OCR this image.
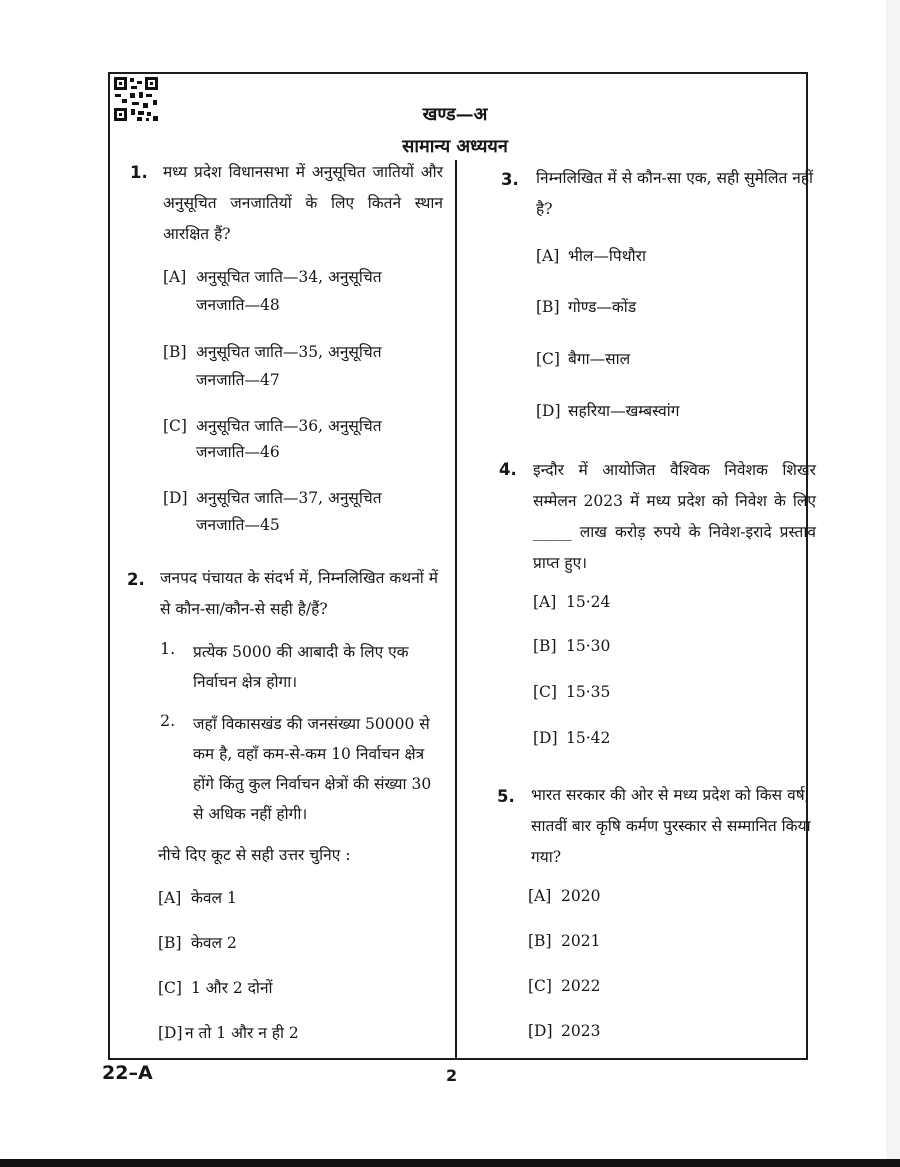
खण्ड—अ
सामान्य अध्ययन
1. मध्य प्रदेश विधानसभा में अनुसूचित जातियों और अनुसूचित जनजातियों के लिए कितने स्थान आरक्षित हैं?
[A] अनुसूचित जाति—34, अनुसूचित
जनजाति—48
[B] अनुसूचित जाति—35, अनुसूचित
जनजाति—47
[C] अनुसूचित जाति—36, अनुसूचित
जनजाति—46
[D] अनुसूचित जाति—37, अनुसूचित
जनजाति—45
2. जनपद पंचायत के संदर्भ में, निम्नलिखित कथनों में से कौन-सा/कौन-से सही है/हैं?
1. प्रत्येक 5000 की आबादी के लिए एक निर्वाचन क्षेत्र होगा।
2. जहाँ विकासखंड की जनसंख्या 50000 से कम है, वहाँ कम-से-कम 10 निर्वाचन क्षेत्र होंगे किंतु कुल निर्वाचन क्षेत्रों की संख्या 30 से अधिक नहीं होगी।
नीचे दिए कूट से सही उत्तर चुनिए :
[A] केवल 1
[B] केवल 2
[C] 1 और 2 दोनों
[D] न तो 1 और न ही 2
3. निम्नलिखित में से कौन-सा एक, सही सुमेलित नहीं है?
[A] भील—पिथौरा
[B] गोण्ड—कोंड
[C] बैगा—साल
[D] सहरिया—खम्बस्वांग
4. इन्दौर में आयोजित वैश्विक निवेशक शिखर सम्मेलन 2023 में मध्य प्रदेश को निवेश के लिए _____ लाख करोड़ रुपये के निवेश-इरादे प्रस्ताव प्राप्त हुए।
[A] 15·24
[B] 15·30
[C] 15·35
[D] 15·42
5. भारत सरकार की ओर से मध्य प्रदेश को किस वर्ष, सातवीं बार कृषि कर्मण पुरस्कार से सम्मानित किया गया?
[A] 2020
[B] 2021
[C] 2022
[D] 2023
22–A	2
